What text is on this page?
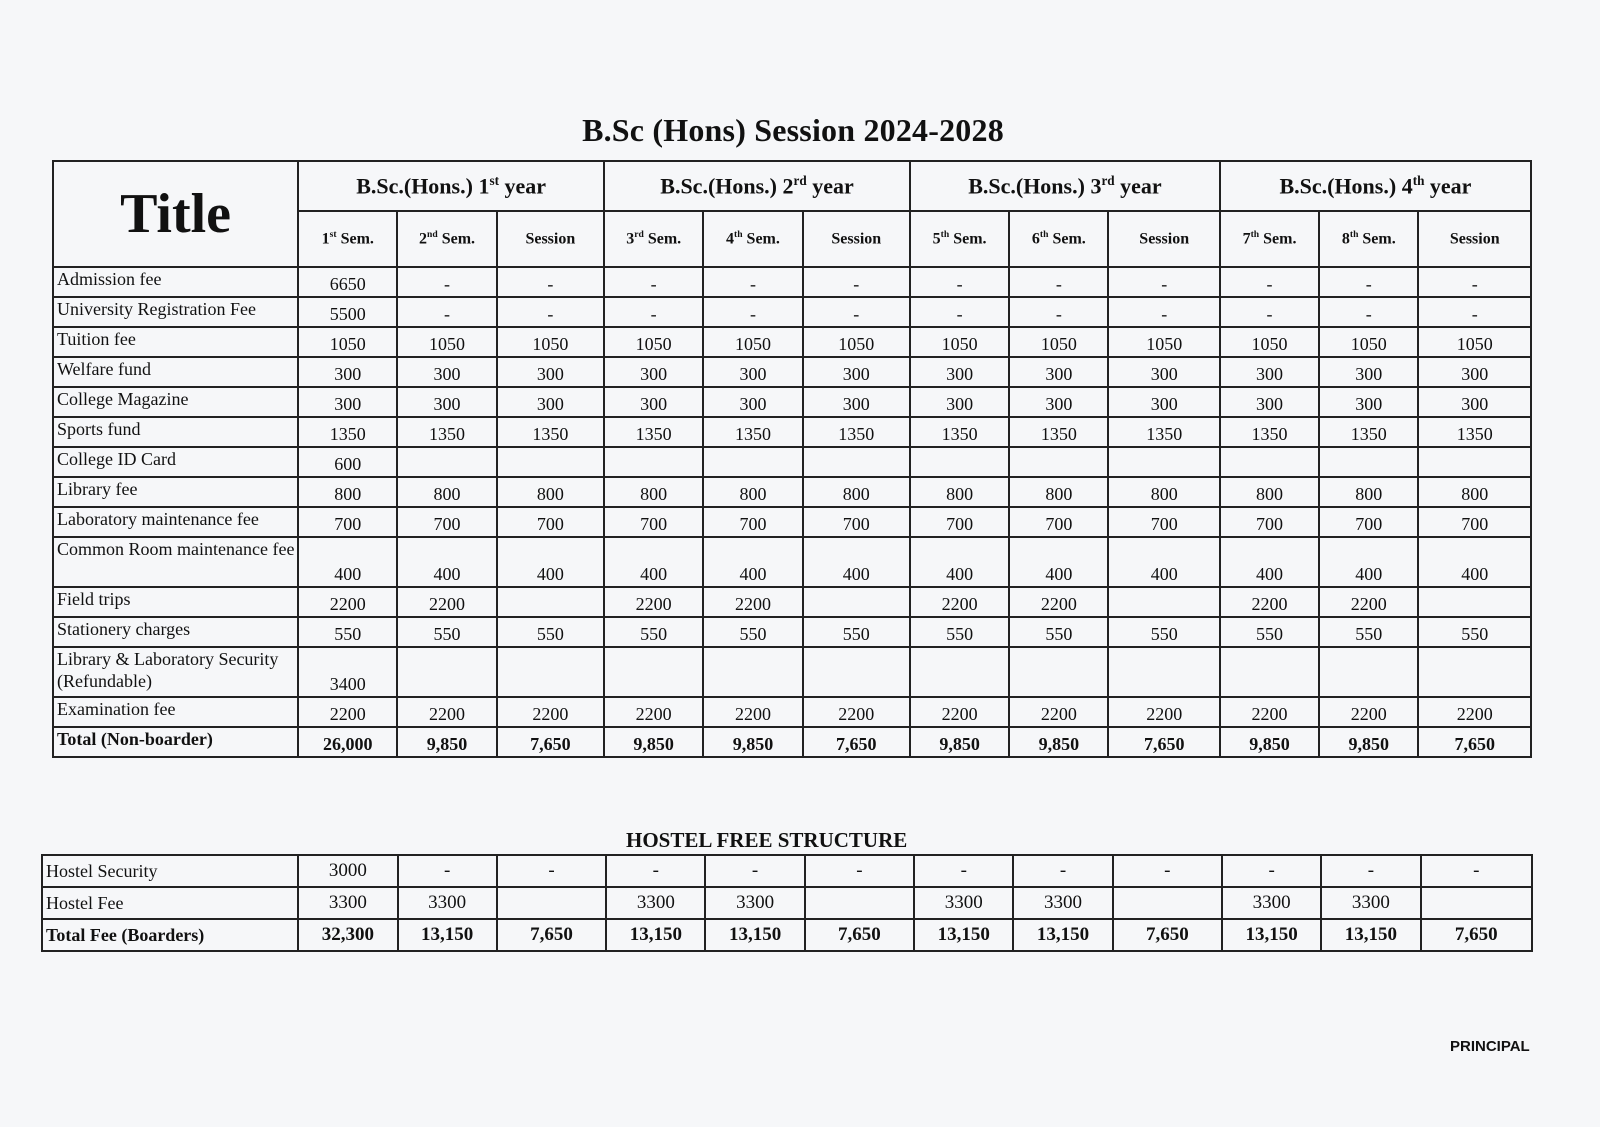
B.Sc (Hons) Session 2024-2028
Title	B.Sc.(Hons.) 1st year			B.Sc.(Hons.) 2rd year			B.Sc.(Hons.) 3rd year			B.Sc.(Hons.) 4th year		
	1st Sem.	2nd Sem.	Session	3rd Sem.	4th Sem.	Session	5th Sem.	6th Sem.	Session	7th Sem.	8th Sem.	Session
Admission fee	6650	-	-	-	-	-	-	-	-	-	-	-
University Registration Fee	5500	-	-	-	-	-	-	-	-	-	-	-
Tuition fee	1050	1050	1050	1050	1050	1050	1050	1050	1050	1050	1050	1050
Welfare fund	300	300	300	300	300	300	300	300	300	300	300	300
College Magazine	300	300	300	300	300	300	300	300	300	300	300	300
Sports fund	1350	1350	1350	1350	1350	1350	1350	1350	1350	1350	1350	1350
College ID Card	600											
Library fee	800	800	800	800	800	800	800	800	800	800	800	800
Laboratory maintenance fee	700	700	700	700	700	700	700	700	700	700	700	700
Common Room maintenance fee	400	400	400	400	400	400	400	400	400	400	400	400
Field trips	2200	2200		2200	2200		2200	2200		2200	2200	
Stationery charges	550	550	550	550	550	550	550	550	550	550	550	550
Library & Laboratory Security (Refundable)	3400											
Examination fee	2200	2200	2200	2200	2200	2200	2200	2200	2200	2200	2200	2200
Total (Non-boarder)	26,000	9,850	7,650	9,850	9,850	7,650	9,850	9,850	7,650	9,850	9,850	7,650
HOSTEL FREE STRUCTURE
Hostel Security	3000	-	-	-	-	-	-	-	-	-	-	-
Hostel Fee	3300	3300		3300	3300		3300	3300		3300	3300	
Total Fee (Boarders)	32,300	13,150	7,650	13,150	13,150	7,650	13,150	13,150	7,650	13,150	13,150	7,650
PRINCIPAL
